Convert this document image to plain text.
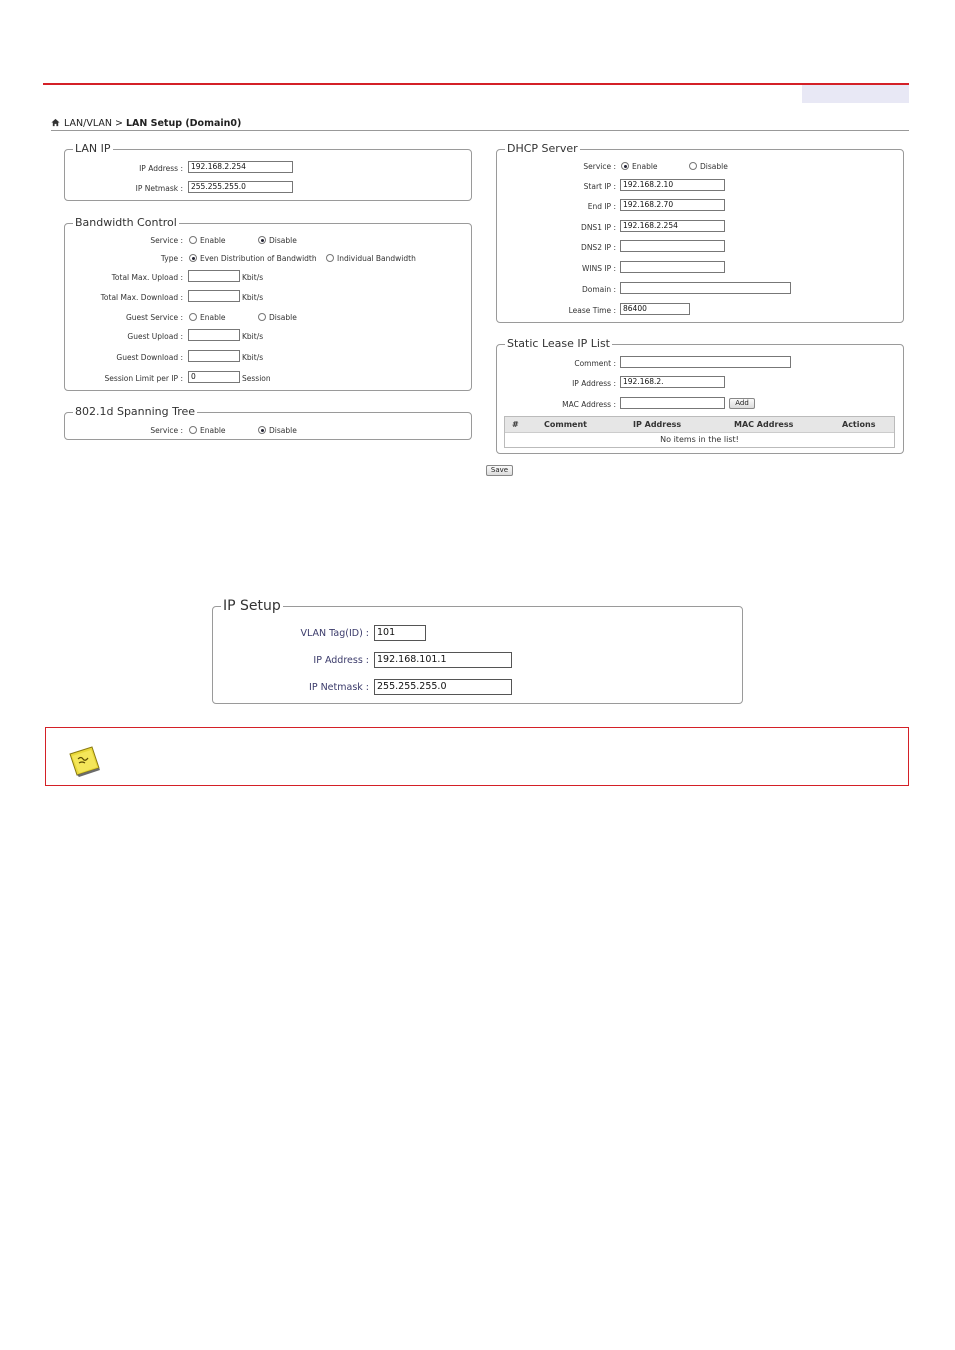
LAN/VLAN > LAN Setup (Domain0)
LAN IP
IP Address :	192.168.2.254
IP Netmask :	255.255.255.0
Bandwidth Control
Service : Enable	Disable
Type : Even Distribution of Bandwidth	Individual Bandwidth
Total Max. Upload :	Kbit/s
Total Max. Download :	Kbit/s
Guest Service : Enable	Disable
Guest Upload :	Kbit/s
Guest Download :	Kbit/s
Session Limit per IP :	0	Session
802.1d Spanning Tree
Service : Enable	Disable
DHCP Server
Service : Enable	Disable
Start IP : 192.168.2.10
End IP : 192.168.2.70
DNS1 IP : 192.168.2.254
DNS2 IP :
WINS IP :
Domain :
Lease Time : 86400
Static Lease IP List
Comment :
IP Address : 192.168.2.
MAC Address :	Add
#	Comment	IP Address	MAC Address	Actions
No items in the list!
Save
IP Setup
VLAN Tag(ID) : 101
IP Address : 192.168.101.1
IP Netmask : 255.255.255.0
